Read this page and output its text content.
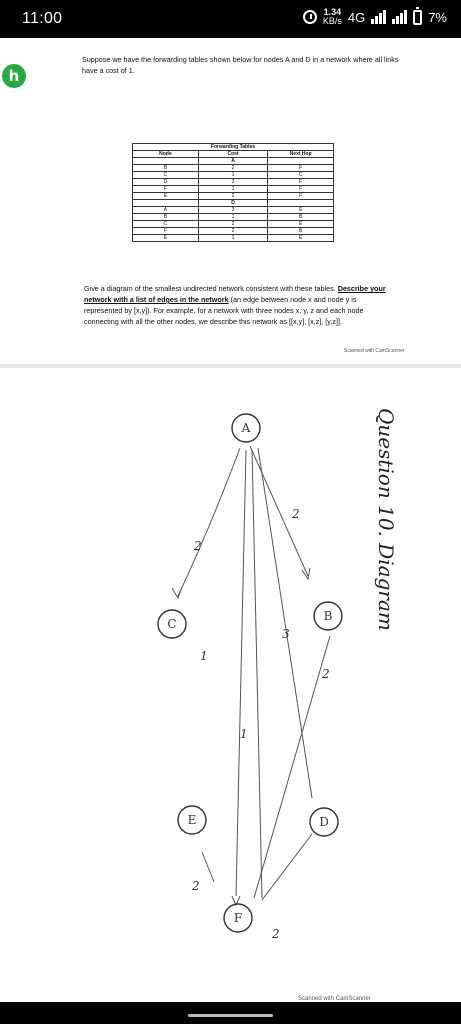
11:00	1.34
KB/s 4G	7%
h
Suppose we have the forwarding tables shown below for nodes A and D in a network where all links have a cost of 1.
Forwarding Tables		
Node	Cost	Next Hop
	A	
B	2	F
C	1	C
D	3	F
F	1	F
E	2	F
	D	
A	3	E
B	1	B
C	2	E
F	2	B
E	1	E
Give a diagram of the smallest undirected network consistent with these tables. Describe your network with a list of edges in the network (an edge between node x and node y is represented by [x,y]). For example, for a network with three nodes x, y, z and each node connecting with all the other nodes, we describe this network as [[x,y], [x,z], [y,z]].
Scanned with CamScanner
A
B
C
D
E
F
2
2
1
3
2
1
2
2
Question 10. Diagram
Scanned with CamScanner
